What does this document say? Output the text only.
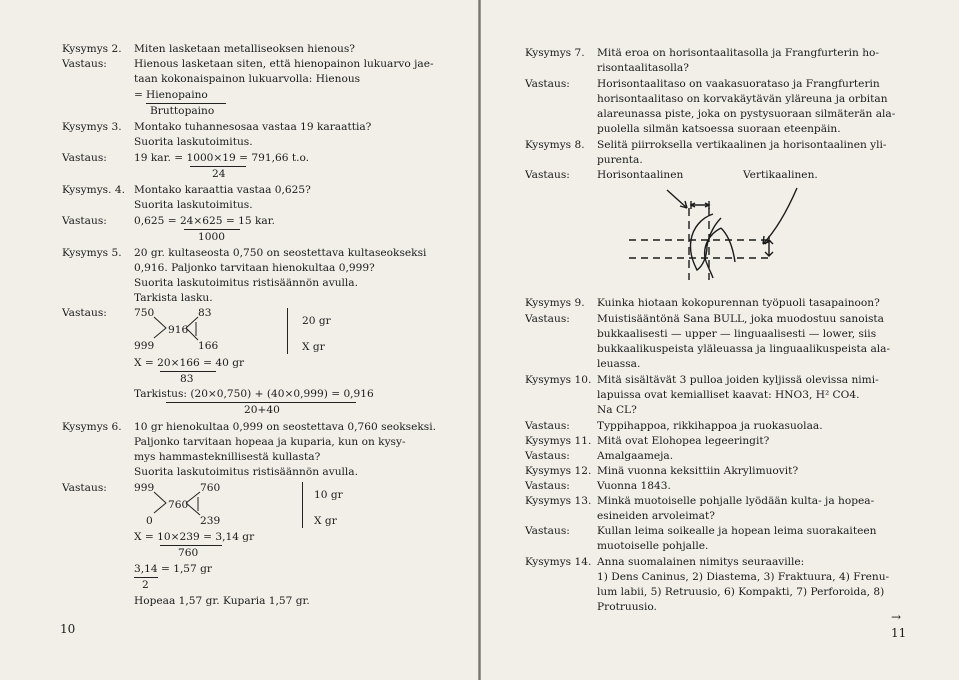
Kysymys 2. Miten lasketaan metalliseoksen hienous?
Vastaus:	Hienous lasketaan siten, että hienopainon lukuarvo jae-
taan kokonaispainon lukuarvolla: Hienous
= Hienopaino
Bruttopaino
Kysymys 3. Montako tuhannesosaa vastaa 19 karaattia?
Suorita laskutoimitus.
Vastaus:	19 kar. = 1000×19 = 791,66 t.o.
24
Kysymys. 4. Montako karaattia vastaa 0,625?
Suorita laskutoimitus.
Vastaus:	0,625 = 24×625 = 15 kar.
1000
Kysymys 5. 20 gr. kultaseosta 0,750 on seostettava kultaseokseksi
0,916. Paljonko tarvitaan hienokultaa 0,999?
Suorita laskutoimitus ristisäännön avulla.
Tarkista lasku.
Vastaus:	750	83
916
999	166
20 gr
X gr
X = 20×166 = 40 gr
83
Tarkistus: (20×0,750) + (40×0,999) = 0,916
20+40
Kysymys 6. 10 gr hienokultaa 0,999 on seostettava 0,760 seokseksi.
Paljonko tarvitaan hopeaa ja kuparia, kun on kysy-
mys hammasteknillisestä kullasta?
Suorita laskutoimitus ristisäännön avulla.
Vastaus:	999	760
760
0	239
10 gr
X gr
X = 10×239 = 3,14 gr
760
3,14 = 1,57 gr
2
Hopeaa 1,57 gr. Kuparia 1,57 gr.
10
Kysymys 7. Mitä eroa on horisontaalitasolla ja Frangfurterin ho-
risontaalitasolla?
Vastaus:	Horisontaalitaso on vaakasuorataso ja Frangfurterin
horisontaalitaso on korvakäytävän yläreuna ja orbitan
alareunassa piste, joka on pystysuoraan silmäterän ala-
puolella silmän katsoessa suoraan eteenpäin.
Kysymys 8. Selitä piirroksella vertikaalinen ja horisontaalinen yli-
purenta.
Vastaus:	Horisontaalinen	Vertikaalinen.
Kysymys 9. Kuinka hiotaan kokopurennan työpuoli tasapainoon?
Vastaus:	Muistisääntönä Sana BULL, joka muodostuu sanoista
bukkaalisesti — upper — linguaalisesti — lower, siis
bukkaalikuspeista yläleuassa ja linguaalikuspeista ala-
leuassa.
Kysymys 10. Mitä sisältävät 3 pulloa joiden kyljissä olevissa nimi-
lapuissa ovat kemialliset kaavat: HNO3, H² CO4.
Na CL?
Vastaus:	Typpihappoa, rikkihappoa ja ruokasuolaa.
Kysymys 11. Mitä ovat Elohopea legeeringit?
Vastaus:	Amalgaameja.
Kysymys 12. Minä vuonna keksittiin Akrylimuovit?
Vastaus:	Vuonna 1843.
Kysymys 13. Minkä muotoiselle pohjalle lyödään kulta- ja hopea-
esineiden arvoleimat?
Vastaus:	Kullan leima soikealle ja hopean leima suorakaiteen
muotoiselle pohjalle.
Kysymys 14. Anna suomalainen nimitys seuraaville:
1) Dens Caninus, 2) Diastema, 3) Fraktuura, 4) Frenu-
lum labii, 5) Retruusio, 6) Kompakti, 7) Perforoida, 8)
Protruusio.
→
11
